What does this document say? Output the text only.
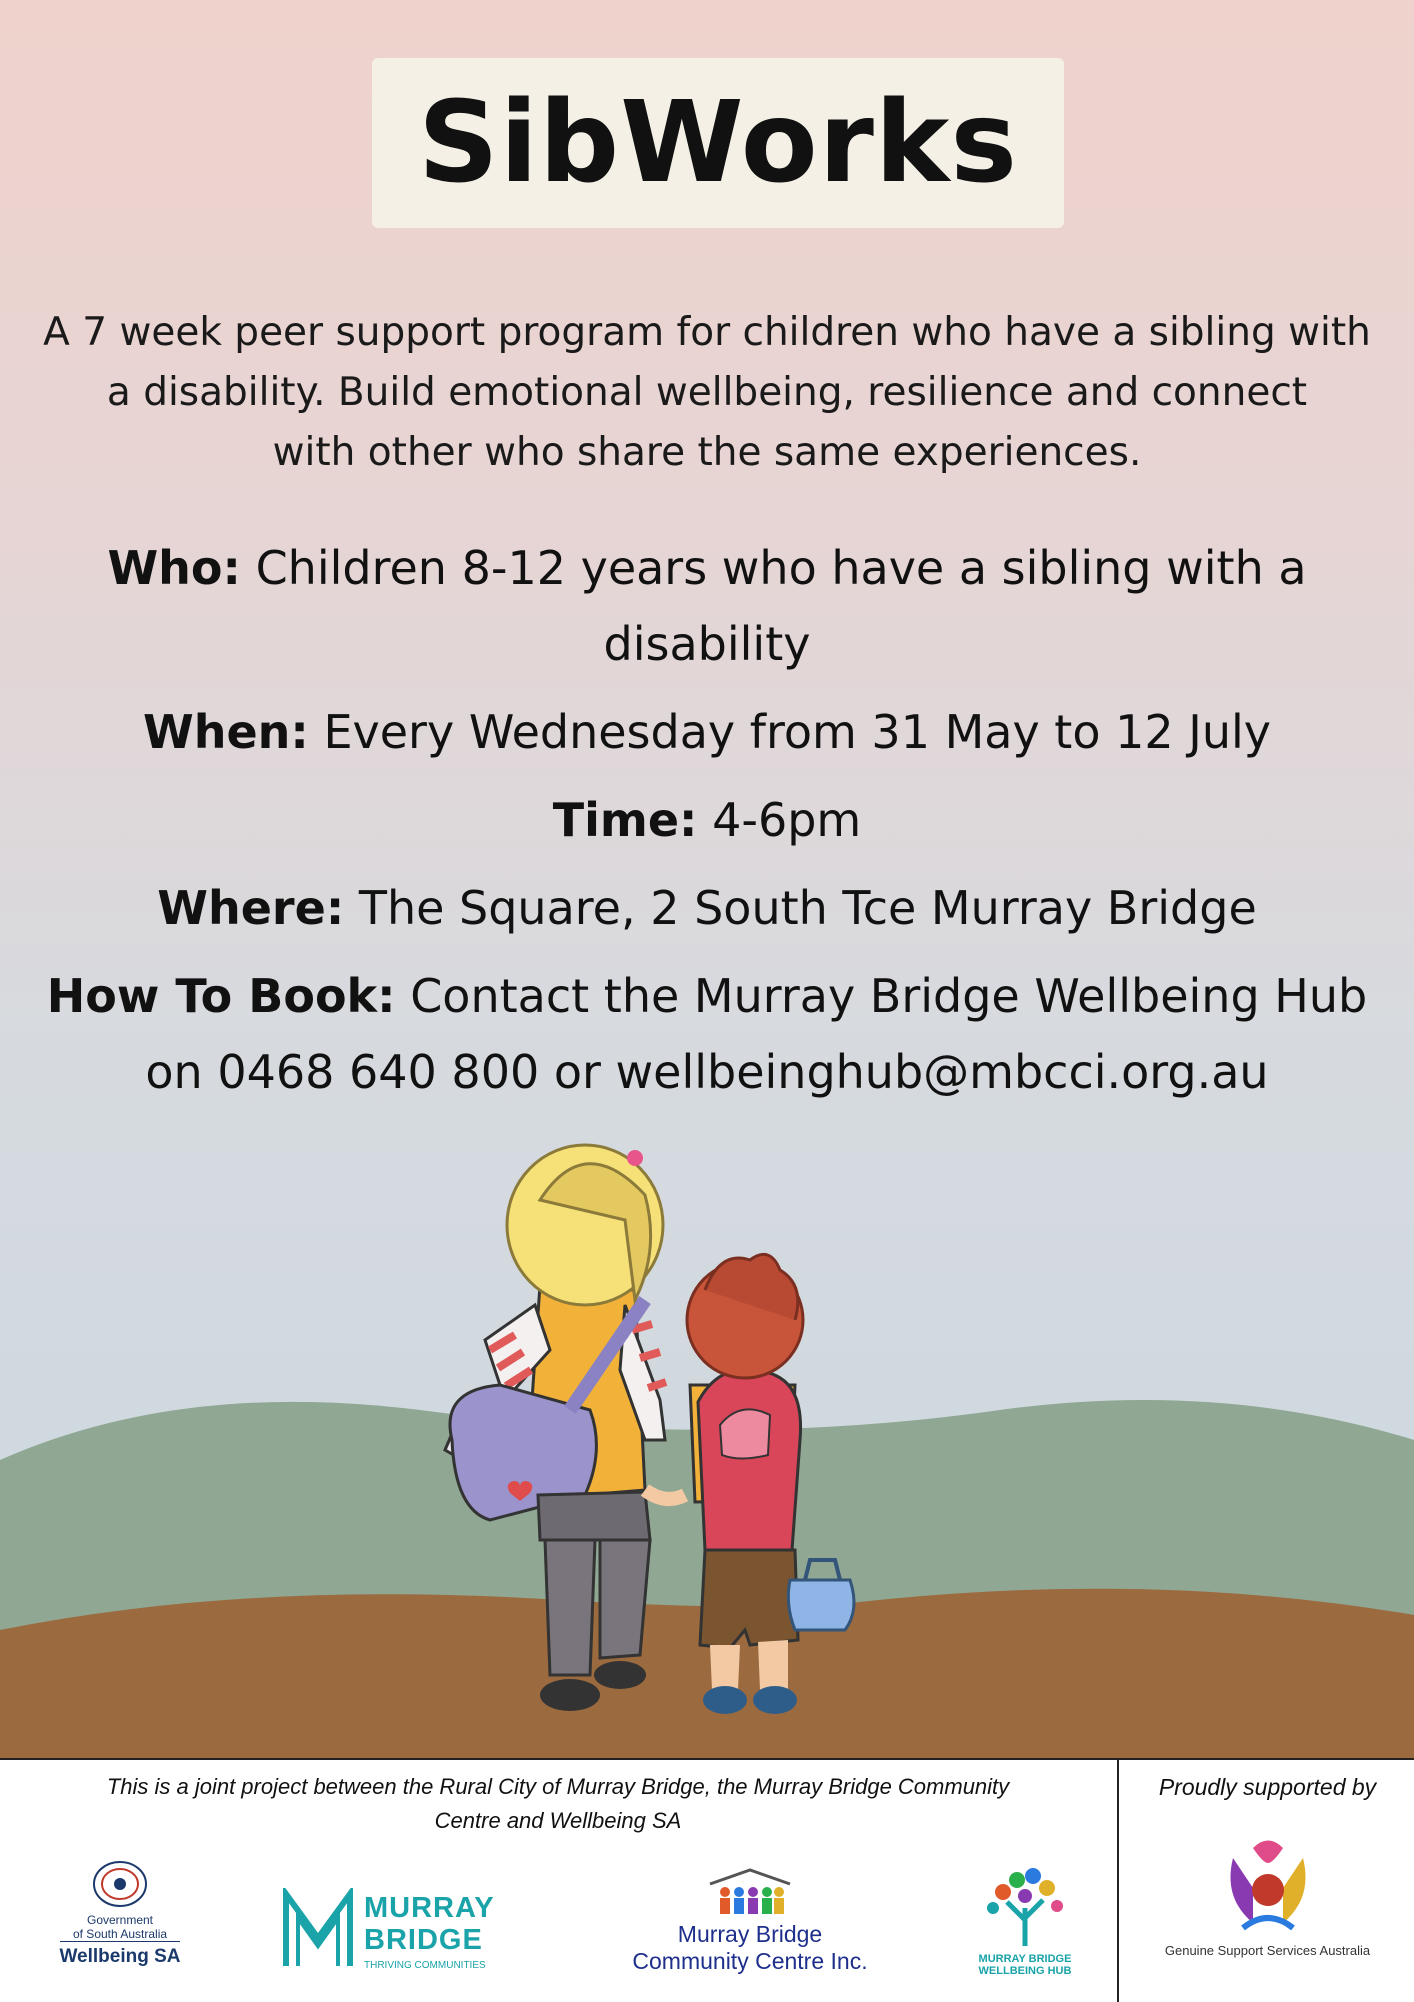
SibWorks
A 7 week peer support program for children who have a sibling with
a disability. Build emotional wellbeing, resilience and connect
with other who share the same experiences.
Who: Children 8-12 years who have a sibling with a
disability
When: Every Wednesday from 31 May to 12 July
Time: 4-6pm
Where: The Square, 2 South Tce Murray Bridge
How To Book: Contact the Murray Bridge Wellbeing Hub
on 0468 640 800 or wellbeinghub@mbcci.org.au
This is a joint project between the Rural City of Murray Bridge, the Murray Bridge Community
Centre and Wellbeing SA
Government
of South Australia
Wellbeing SA
MURRAY
BRIDGE
THRIVING COMMUNITIES
Murray Bridge
Community Centre Inc.	MURRAY BRIDGE
WELLBEING HUB
Proudly supported by
Genuine Support Services Australia
